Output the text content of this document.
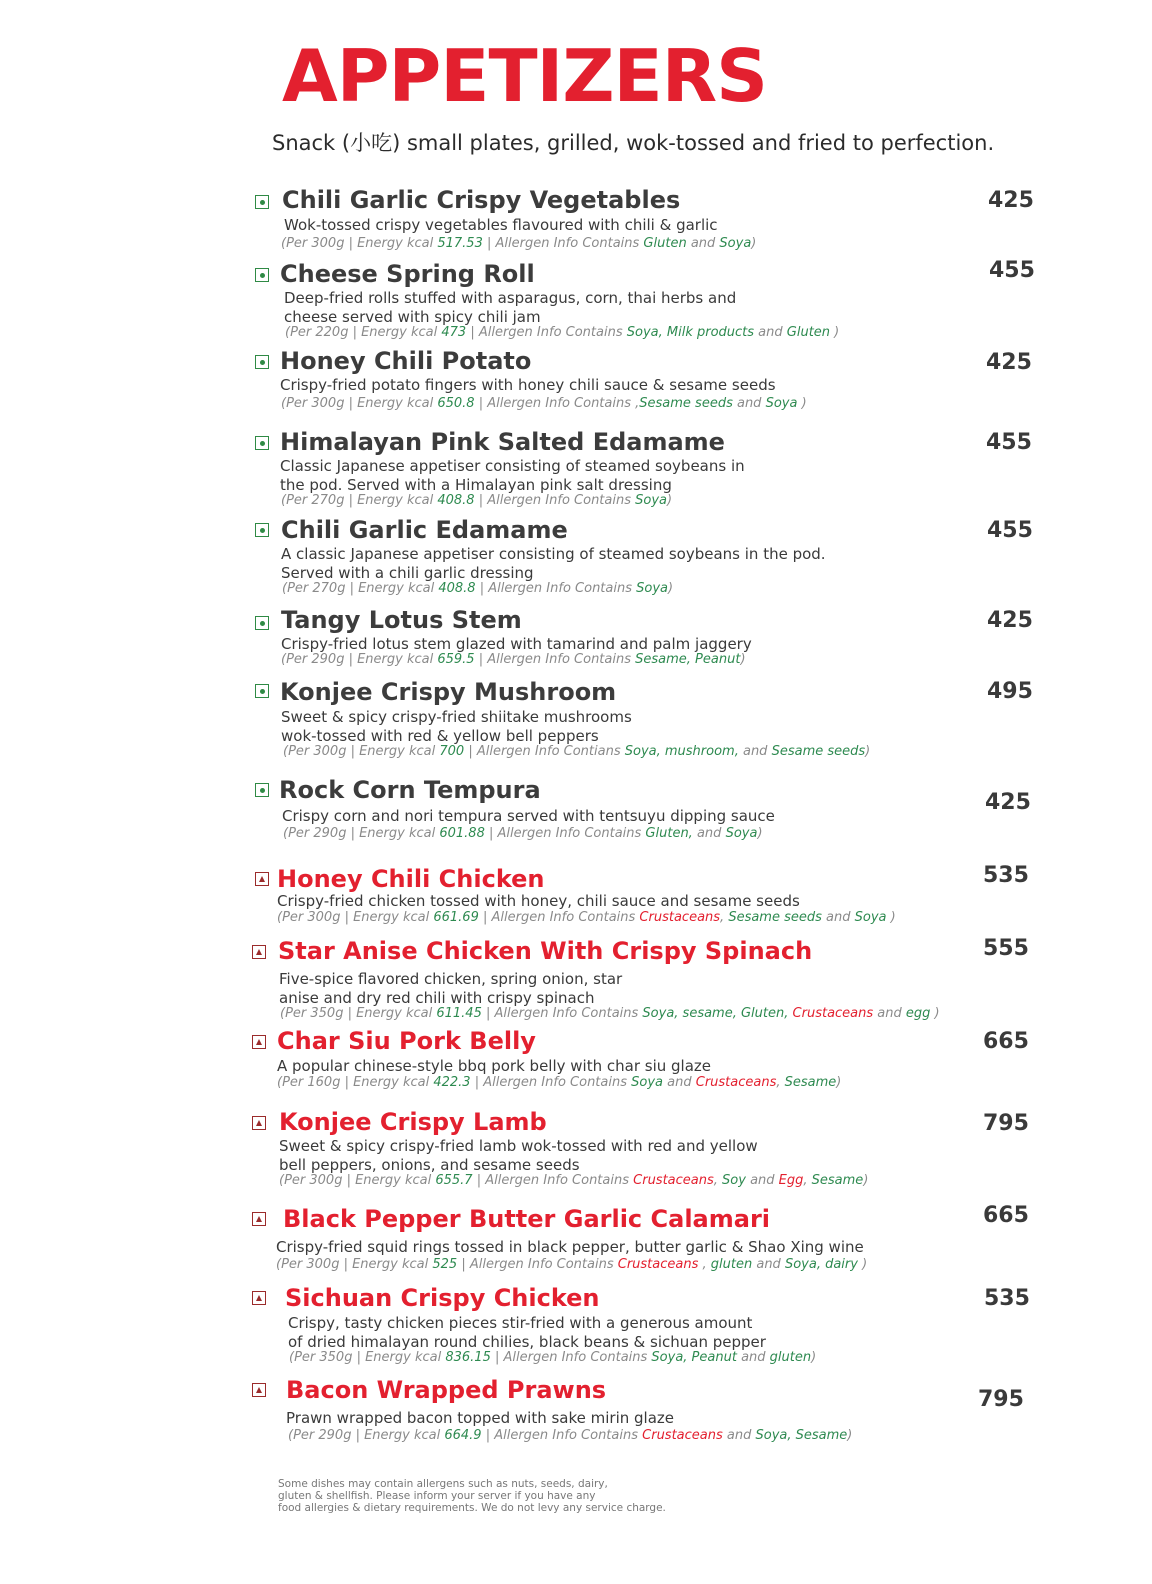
APPETIZERS
Snack (小吃) small plates, grilled, wok-tossed and fried to perfection.
Chili Garlic Crispy Vegetables	425
Wok-tossed crispy vegetables flavoured with chili & garlic
(Per 300g | Energy kcal 517.53 | Allergen Info Contains Gluten and Soya)
Cheese Spring Roll	455
Deep-fried rolls stuffed with asparagus, corn, thai herbs and
cheese served with spicy chili jam
(Per 220g | Energy kcal 473 | Allergen Info Contains Soya, Milk products and Gluten )
Honey Chili Potato	425
Crispy-fried potato fingers with honey chili sauce & sesame seeds
(Per 300g | Energy kcal 650.8 | Allergen Info Contains ,Sesame seeds and Soya )
Himalayan Pink Salted Edamame	455
Classic Japanese appetiser consisting of steamed soybeans in
the pod. Served with a Himalayan pink salt dressing
(Per 270g | Energy kcal 408.8 | Allergen Info Contains Soya)
Chili Garlic Edamame	455
A classic Japanese appetiser consisting of steamed soybeans in the pod.
Served with a chili garlic dressing
(Per 270g | Energy kcal 408.8 | Allergen Info Contains Soya)
Tangy Lotus Stem	425
Crispy-fried lotus stem glazed with tamarind and palm jaggery
(Per 290g | Energy kcal 659.5 | Allergen Info Contains Sesame, Peanut)
Konjee Crispy Mushroom	495
Sweet & spicy crispy-fried shiitake mushrooms
wok-tossed with red & yellow bell peppers
(Per 300g | Energy kcal 700 | Allergen Info Contians Soya, mushroom, and Sesame seeds)
Rock Corn Tempura	425
Crispy corn and nori tempura served with tentsuyu dipping sauce
(Per 290g | Energy kcal 601.88 | Allergen Info Contains Gluten, and Soya)
Honey Chili Chicken	535
Crispy-fried chicken tossed with honey, chili sauce and sesame seeds
(Per 300g | Energy kcal 661.69 | Allergen Info Contains Crustaceans, Sesame seeds and Soya )
Star Anise Chicken With Crispy Spinach	555
Five-spice flavored chicken, spring onion, star
anise and dry red chili with crispy spinach
(Per 350g | Energy kcal 611.45 | Allergen Info Contains Soya, sesame, Gluten, Crustaceans and egg )
Char Siu Pork Belly	665
A popular chinese-style bbq pork belly with char siu glaze
(Per 160g | Energy kcal 422.3 | Allergen Info Contains Soya and Crustaceans, Sesame)
Konjee Crispy Lamb	795
Sweet & spicy crispy-fried lamb wok-tossed with red and yellow
bell peppers, onions, and sesame seeds
(Per 300g | Energy kcal 655.7 | Allergen Info Contains Crustaceans, Soy and Egg, Sesame)
Black Pepper Butter Garlic Calamari	665
Crispy-fried squid rings tossed in black pepper, butter garlic & Shao Xing wine
(Per 300g | Energy kcal 525 | Allergen Info Contains Crustaceans , gluten and Soya, dairy )
Sichuan Crispy Chicken	535
Crispy, tasty chicken pieces stir-fried with a generous amount
of dried himalayan round chilies, black beans & sichuan pepper
(Per 350g | Energy kcal 836.15 | Allergen Info Contains Soya, Peanut and gluten)
Bacon Wrapped Prawns	795
Prawn wrapped bacon topped with sake mirin glaze
(Per 290g | Energy kcal 664.9 | Allergen Info Contains Crustaceans and Soya, Sesame)
Some dishes may contain allergens such as nuts, seeds, dairy,
gluten & shellfish. Please inform your server if you have any
food allergies & dietary requirements. We do not levy any service charge.
